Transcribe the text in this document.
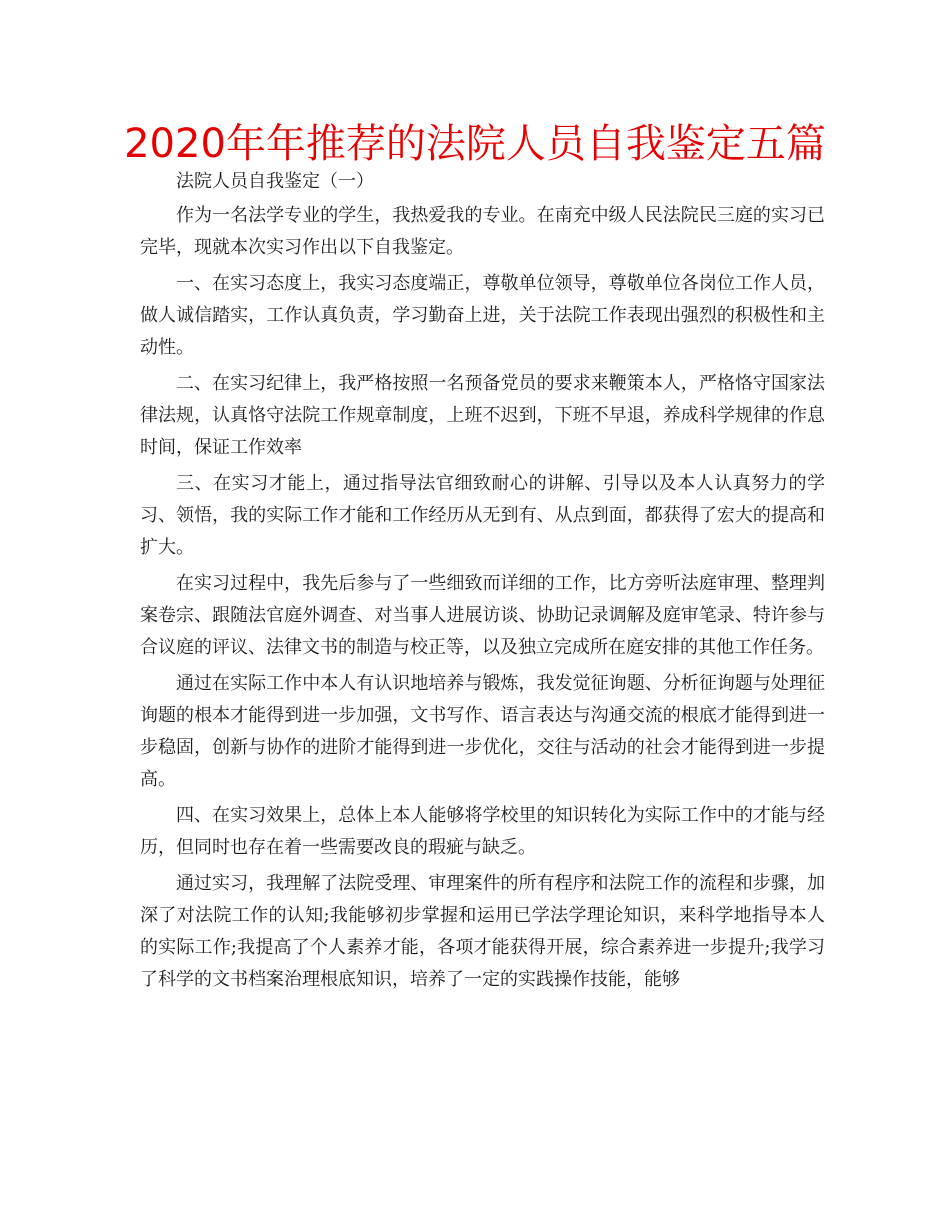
2020年年推荐的法院人员自我鉴定五篇

法院人员自我鉴定（一）

作为一名法学专业的学生，我热爱我的专业。在南充中级人民法院民三庭的实习已完毕，现就本次实习作出以下自我鉴定。

一、在实习态度上，我实习态度端正，尊敬单位领导，尊敬单位各岗位工作人员，做人诚信踏实，工作认真负责，学习勤奋上进，关于法院工作表现出强烈的积极性和主动性。

二、在实习纪律上，我严格按照一名预备党员的要求来鞭策本人，严格恪守国家法律法规，认真恪守法院工作规章制度，上班不迟到，下班不早退，养成科学规律的作息时间，保证工作效率

三、在实习才能上，通过指导法官细致耐心的讲解、引导以及本人认真努力的学习、领悟，我的实际工作才能和工作经历从无到有、从点到面，都获得了宏大的提高和扩大。

在实习过程中，我先后参与了一些细致而详细的工作，比方旁听法庭审理、整理判案卷宗、跟随法官庭外调查、对当事人进展访谈、协助记录调解及庭审笔录、特许参与合议庭的评议、法律文书的制造与校正等，以及独立完成所在庭安排的其他工作任务。

通过在实际工作中本人有认识地培养与锻炼，我发觉征询题、分析征询题与处理征询题的根本才能得到进一步加强，文书写作、语言表达与沟通交流的根底才能得到进一步稳固，创新与协作的进阶才能得到进一步优化，交往与活动的社会才能得到进一步提高。

四、在实习效果上，总体上本人能够将学校里的知识转化为实际工作中的才能与经历，但同时也存在着一些需要改良的瑕疵与缺乏。

通过实习，我理解了法院受理、审理案件的所有程序和法院工作的流程和步骤，加深了对法院工作的认知;我能够初步掌握和运用已学法学理论知识，来科学地指导本人的实际工作;我提高了个人素养才能，各项才能获得开展，综合素养进一步提升;我学习了科学的文书档案治理根底知识，培养了一定的实践操作技能，能够
